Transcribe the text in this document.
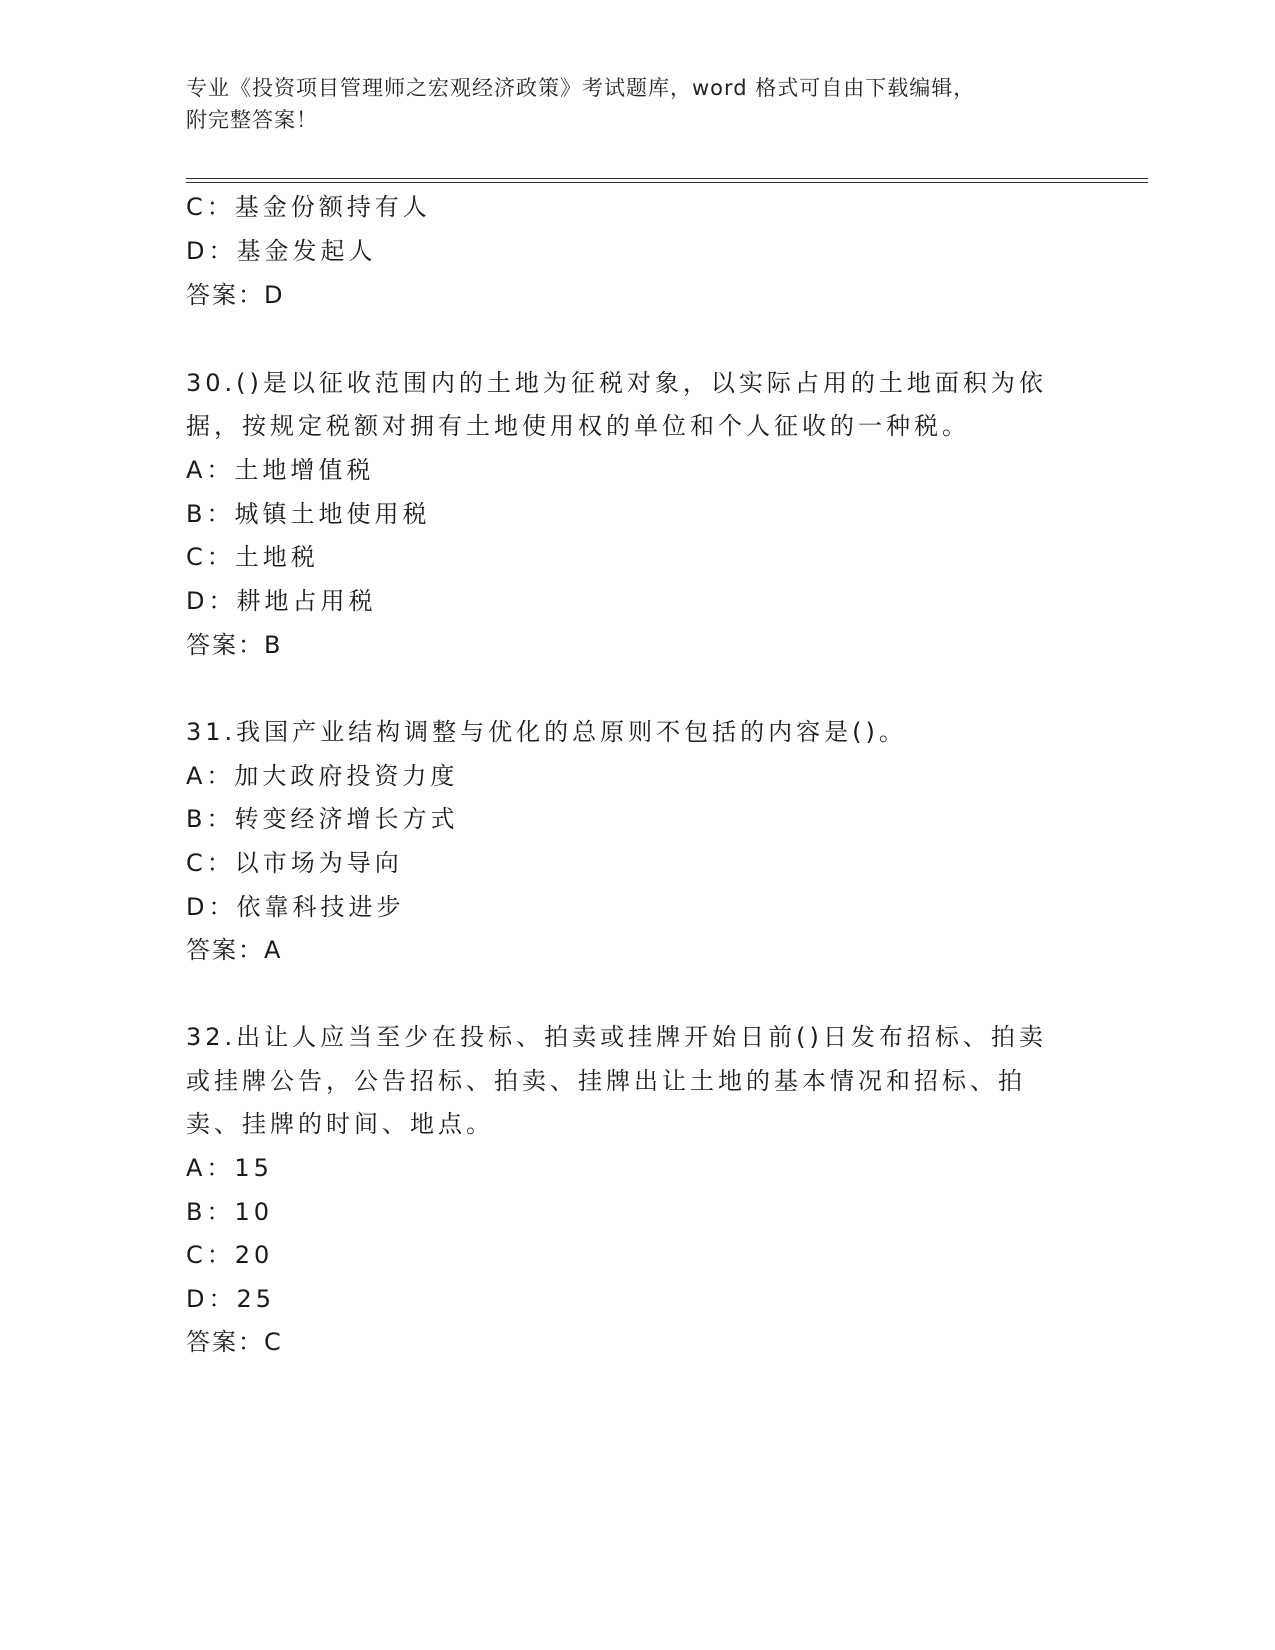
专业《投资项目管理师之宏观经济政策》考试题库，word 格式可自由下载编辑，
附完整答案！
C：基金份额持有人
D：基金发起人
答案：D
30.()是以征收范围内的土地为征税对象，以实际占用的土地面积为依
据，按规定税额对拥有土地使用权的单位和个人征收的一种税。
A：土地增值税
B：城镇土地使用税
C：土地税
D：耕地占用税
答案：B
31.我国产业结构调整与优化的总原则不包括的内容是()。
A：加大政府投资力度
B：转变经济增长方式
C：以市场为导向
D：依靠科技进步
答案：A
32.出让人应当至少在投标、拍卖或挂牌开始日前()日发布招标、拍卖
或挂牌公告，公告招标、拍卖、挂牌出让土地的基本情况和招标、拍
卖、挂牌的时间、地点。
A：15
B：10
C：20
D：25
答案：C
